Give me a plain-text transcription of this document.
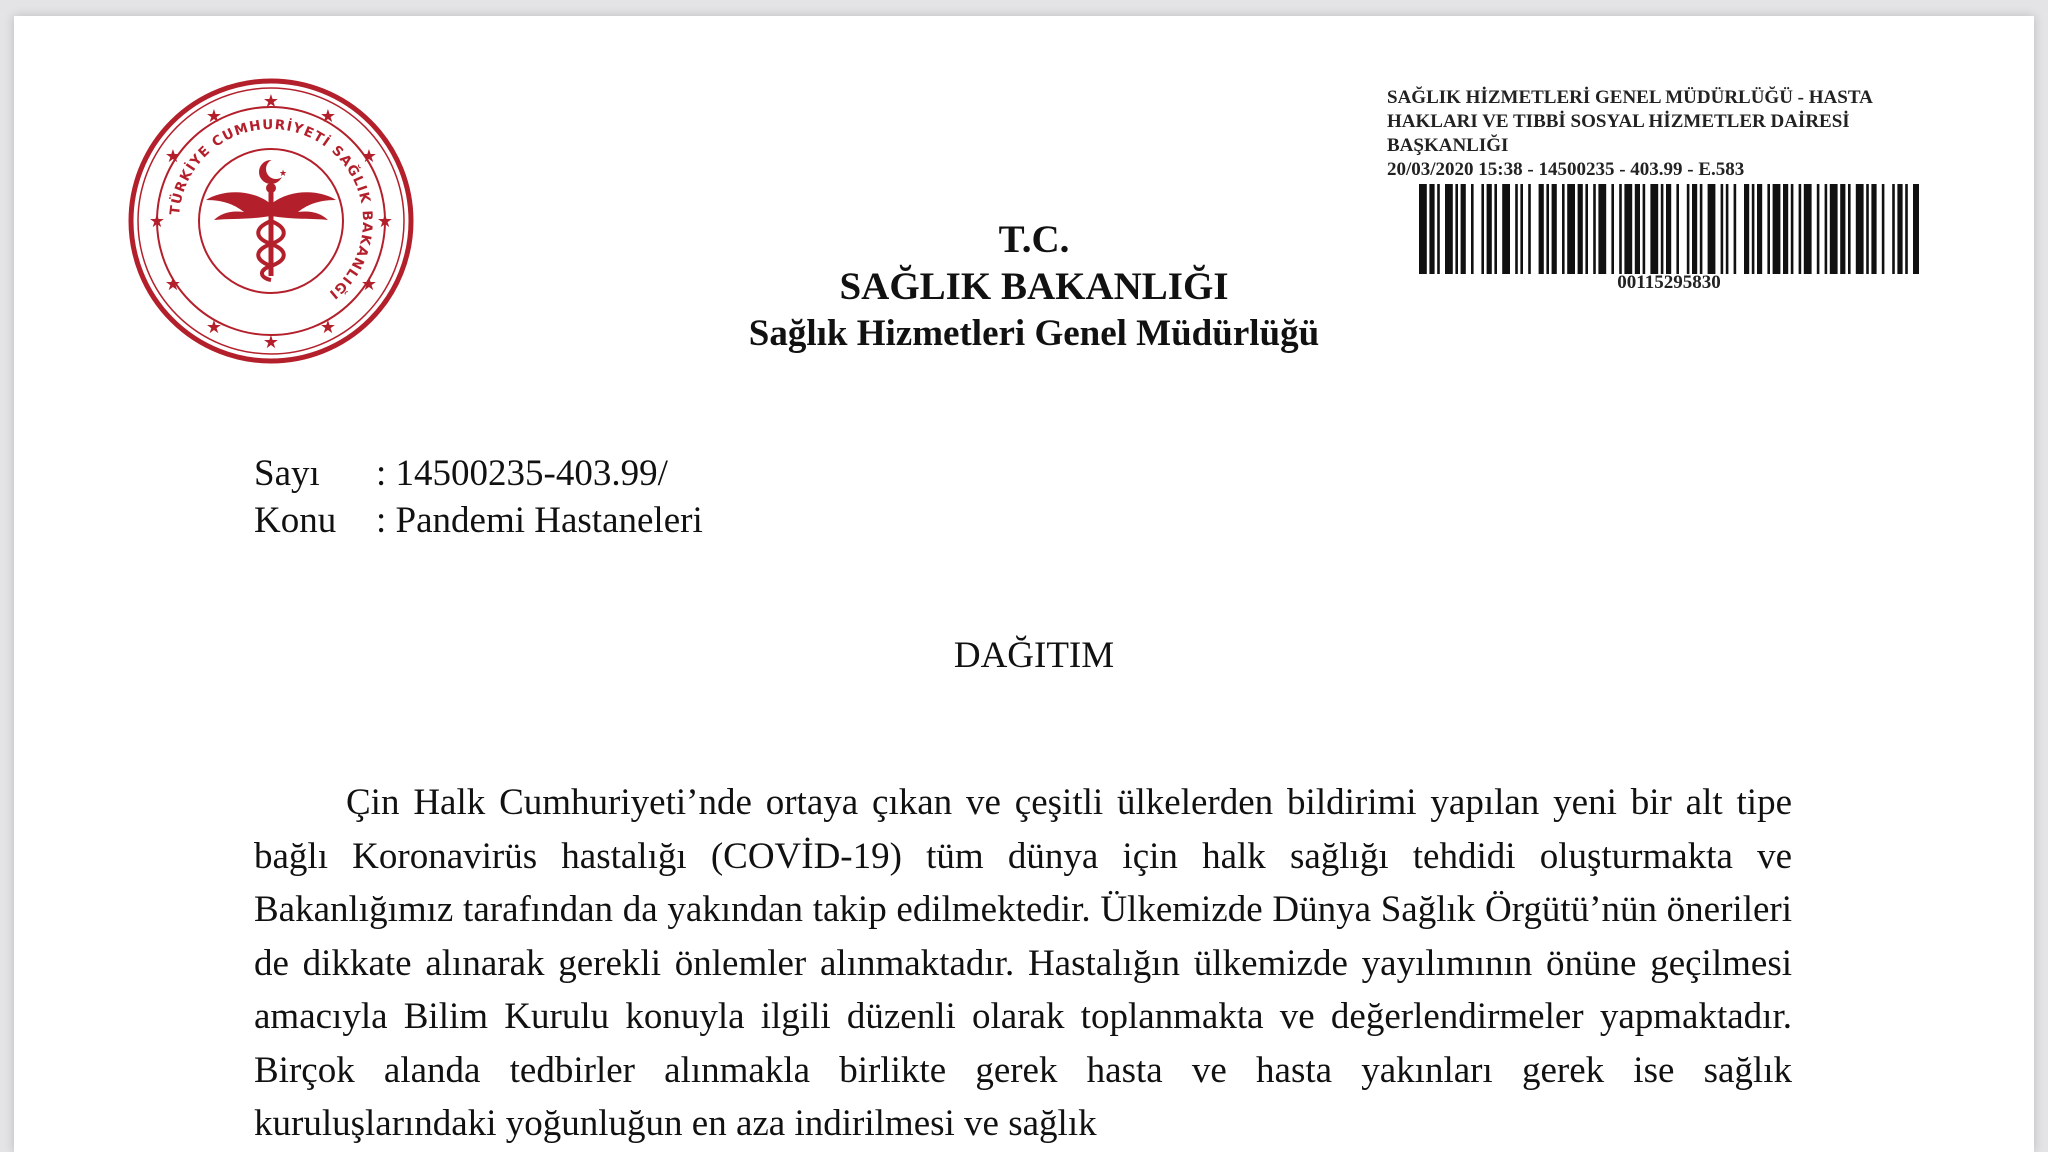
★
★
★
★
★
★
★
★
★
★
★
★
TÜRKİYE CUMHURİYETİ SAĞLIK BAKANLIĞI
★
T.C.
SAĞLIK BAKANLIĞI
Sağlık Hizmetleri Genel Müdürlüğü
SAĞLIK HİZMETLERİ GENEL MÜDÜRLÜĞÜ - HASTA
HAKLARI VE TIBBİ SOSYAL HİZMETLER DAİRESİ
BAŞKANLIĞI
20/03/2020 15:38 - 14500235 - 403.99 - E.583
00115295830
Sayı	: 14500235-403.99/
Konu	: Pandemi Hastaneleri
DAĞITIM

Çin Halk Cumhuriyeti’nde ortaya çıkan ve çeşitli ülkelerden bildirimi yapılan yeni bir alt tipe bağlı Koronavirüs hastalığı (COVİD-19) tüm dünya için halk sağlığı tehdidi oluşturmakta ve Bakanlığımız tarafından da yakından takip edilmektedir. Ülkemizde Dünya Sağlık Örgütü’nün önerileri de dikkate alınarak gerekli önlemler alınmaktadır. Hastalığın ülkemizde yayılımının önüne geçilmesi amacıyla Bilim Kurulu konuyla ilgili düzenli olarak toplanmakta ve değerlendirmeler yapmaktadır. Birçok alanda tedbirler alınmakla birlikte gerek hasta ve hasta yakınları gerek ise sağlık kuruluşlarındaki yoğunluğun en aza indirilmesi ve sağlık
